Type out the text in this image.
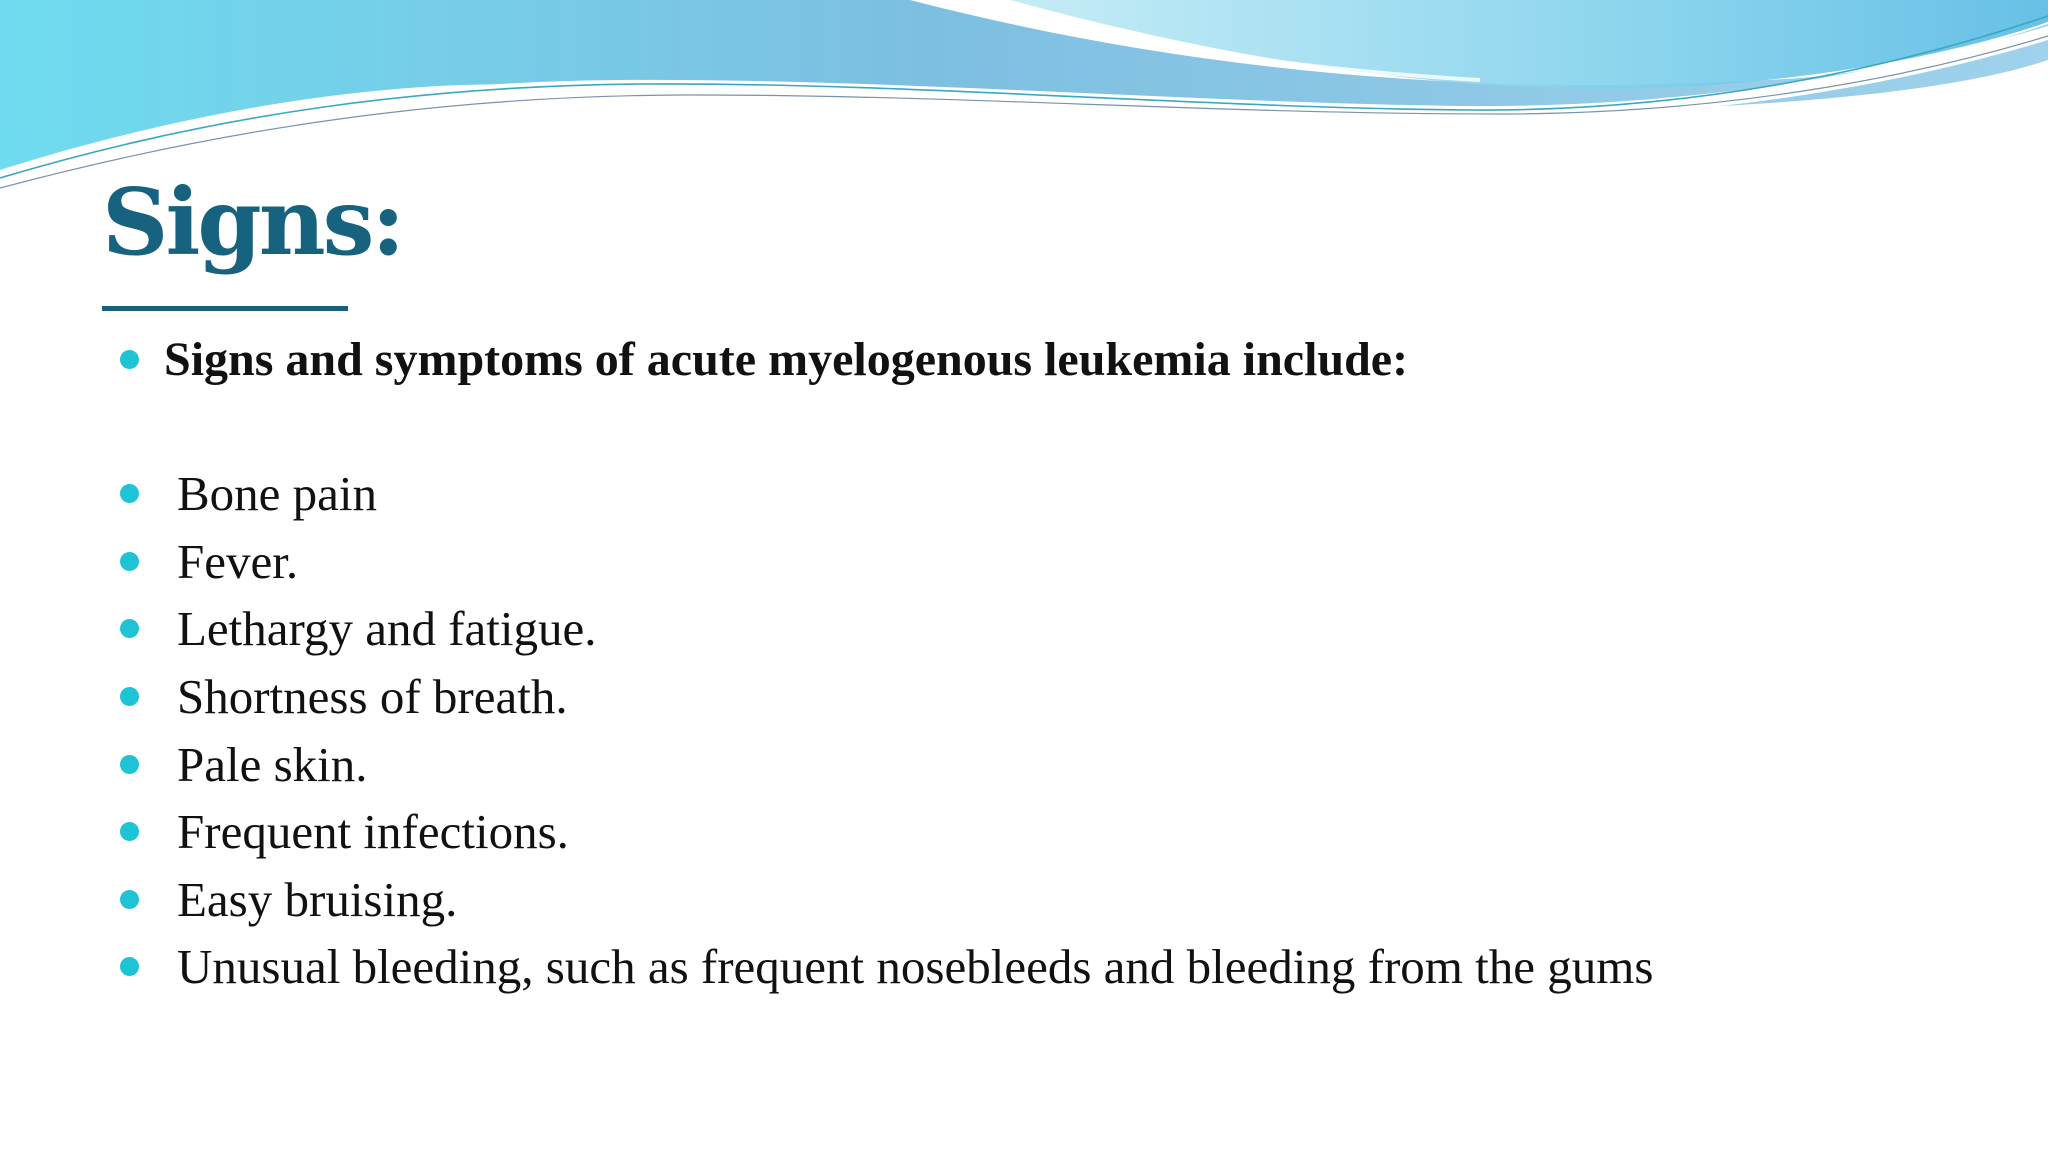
Signs:
Signs and symptoms of acute myelogenous leukemia include:
Bone pain
Fever.
Lethargy and fatigue.
Shortness of breath.
Pale skin.
Frequent infections.
Easy bruising.
Unusual bleeding, such as frequent nosebleeds and bleeding from the gums
